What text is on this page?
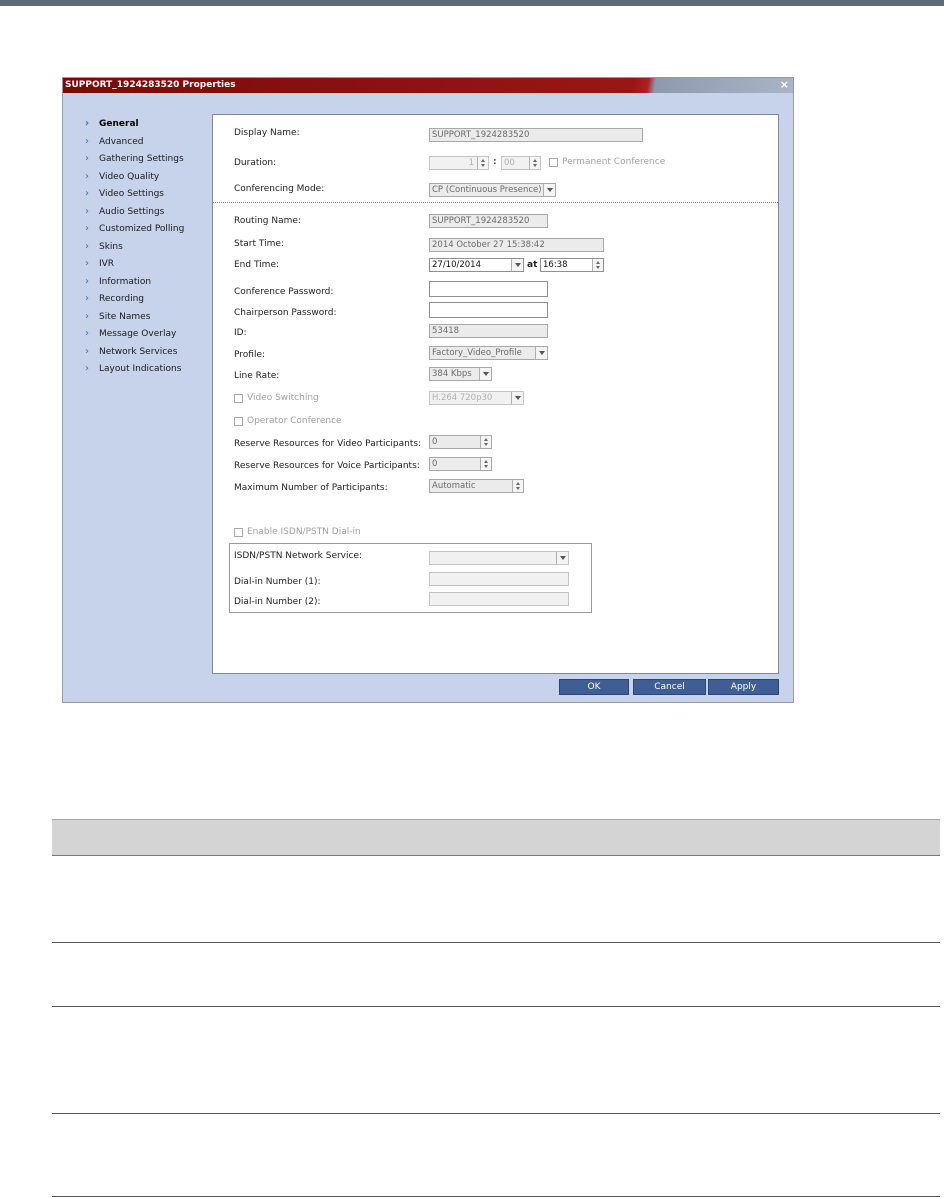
SUPPORT_1924283520 Properties	×
› General
› Advanced
› Gathering Settings
› Video Quality
› Video Settings
› Audio Settings
› Customized Polling
› Skins
› IVR
› Information
› Recording
› Site Names
› Message Overlay
› Network Services
› Layout Indications
Display Name:	SUPPORT_1924283520
Duration:	1	: 00	Permanent Conference
Conferencing Mode:	CP (Continuous Presence)
Routing Name:	SUPPORT_1924283520
Start Time:	2014 October 27 15:38:42
End Time:	27/10/2014	at 16:38
Conference Password:
Chairperson Password:
ID:	53418
Profile:	Factory_Video_Profile
Line Rate:	384 Kbps
Video Switching	H.264 720p30
Operator Conference
Reserve Resources for Video Participants:	0
Reserve Resources for Voice Participants:	0
Maximum Number of Participants:	Automatic
Enable ISDN/PSTN Dial-in
ISDN/PSTN Network Service:
Dial-in Number (1):
Dial-in Number (2):
OK	Cancel	Apply
